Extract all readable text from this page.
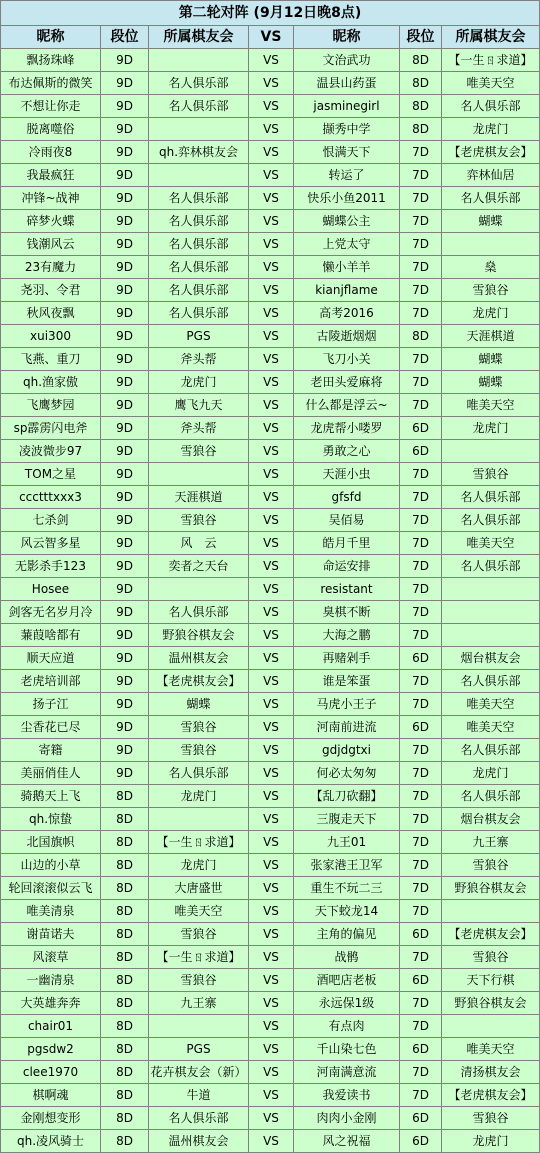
第二轮对阵 (9月12日晚8点)						
昵称	段位	所属棋友会	VS	昵称	段位	所属棋友会
飘扬珠峰	9D		VS	文治武功	8D	【一生ㄖ求道】
布达佩斯的微笑	9D	名人俱乐部	VS	温县山药蛋	8D	唯美天空
不想让你走	9D	名人俱乐部	VS	jasminegirl	8D	名人俱乐部
脱离噬俗	9D		VS	撷秀中学	8D	龙虎门
冷雨夜8	9D	qh.弈林棋友会	VS	恨满天下	7D	【老虎棋友会】
我最疯狂	9D		VS	转运了	7D	弈林仙居
冲锋~战神	9D	名人俱乐部	VS	快乐小鱼2011	7D	名人俱乐部
碎梦火蝶	9D	名人俱乐部	VS	蝴蝶公主	7D	蝴蝶
钱潮风云	9D	名人俱乐部	VS	上党太守	7D	
23有魔力	9D	名人俱乐部	VS	懒小羊羊	7D	燊
尧羽、令君	9D	名人俱乐部	VS	kianjflame	7D	雪狼谷
秋风夜飘	9D	名人俱乐部	VS	高考2016	7D	龙虎门
xui300	9D	PGS	VS	古陵逝烟烟	8D	天涯棋道
飞燕、重刀	9D	斧头帮	VS	飞刀小关	7D	蝴蝶
qh.渔家傲	9D	龙虎门	VS	老田头爱麻将	7D	蝴蝶
飞鹰梦园	9D	鹰飞九天	VS	什么都是浮云~	7D	唯美天空
sp霹雳闪电斧	9D	斧头帮	VS	龙虎帮小喽罗	6D	龙虎门
凌波微步97	9D	雪狼谷	VS	勇敢之心	6D	
TOM之星	9D		VS	天涯小虫	7D	雪狼谷
ccctttxxx3	9D	天涯棋道	VS	gfsfd	7D	名人俱乐部
七杀剑	9D	雪狼谷	VS	吴佰易	7D	名人俱乐部
风云智多星	9D	风　云	VS	皓月千里	7D	唯美天空
无影杀手123	9D	奕者之天台	VS	命运安排	7D	名人俱乐部
Hosee	9D		VS	resistant	7D	
剑客无名岁月冷	9D	名人俱乐部	VS	臭棋不断	7D	
蒹葭啥都有	9D	野狼谷棋友会	VS	大海之鹏	7D	
顺天应道	9D	温州棋友会	VS	再赌剁手	6D	烟台棋友会
老虎培训部	9D	【老虎棋友会】	VS	谁是笨蛋	7D	名人俱乐部
扬子江	9D	蝴蝶	VS	马虎小王子	7D	唯美天空
尘香花已尽	9D	雪狼谷	VS	河南前进流	6D	唯美天空
寄籍	9D	雪狼谷	VS	gdjdgtxi	7D	名人俱乐部
美丽俏佳人	9D	名人俱乐部	VS	何必太匆匆	7D	龙虎门
骑鹅天上飞	8D	龙虎门	VS	【乱刀砍翻】	7D	名人俱乐部
qh.惊蛰	8D		VS	三腹走天下	7D	烟台棋友会
北国旗帜	8D	【一生ㄖ求道】	VS	九王01	7D	九王寨
山边的小草	8D	龙虎门	VS	张家港王卫军	7D	雪狼谷
轮回滚滚似云飞	8D	大唐盛世	VS	重生不玩二三	7D	野狼谷棋友会
唯美清泉	8D	唯美天空	VS	天下蛟龙14	7D	
谢苗诺夫	8D	雪狼谷	VS	主角的偏见	6D	【老虎棋友会】
风滚草	8D	【一生ㄖ求道】	VS	战鹘	7D	雪狼谷
一幽清泉	8D	雪狼谷	VS	酒吧店老板	6D	天下行棋
大英雄奔奔	8D	九王寨	VS	永远保1级	7D	野狼谷棋友会
chair01	8D		VS	有点肉	7D	
pgsdw2	8D	PGS	VS	千山染七色	6D	唯美天空
clee1970	8D	花卉棋友会（新）	VS	河南满意流	7D	清扬棋友会
棋啊魂	8D	牛道	VS	我爱读书	7D	【老虎棋友会】
金刚想变形	8D	名人俱乐部	VS	肉肉小金刚	6D	雪狼谷
qh.凌风骑士	8D	温州棋友会	VS	风之祝福	6D	龙虎门
